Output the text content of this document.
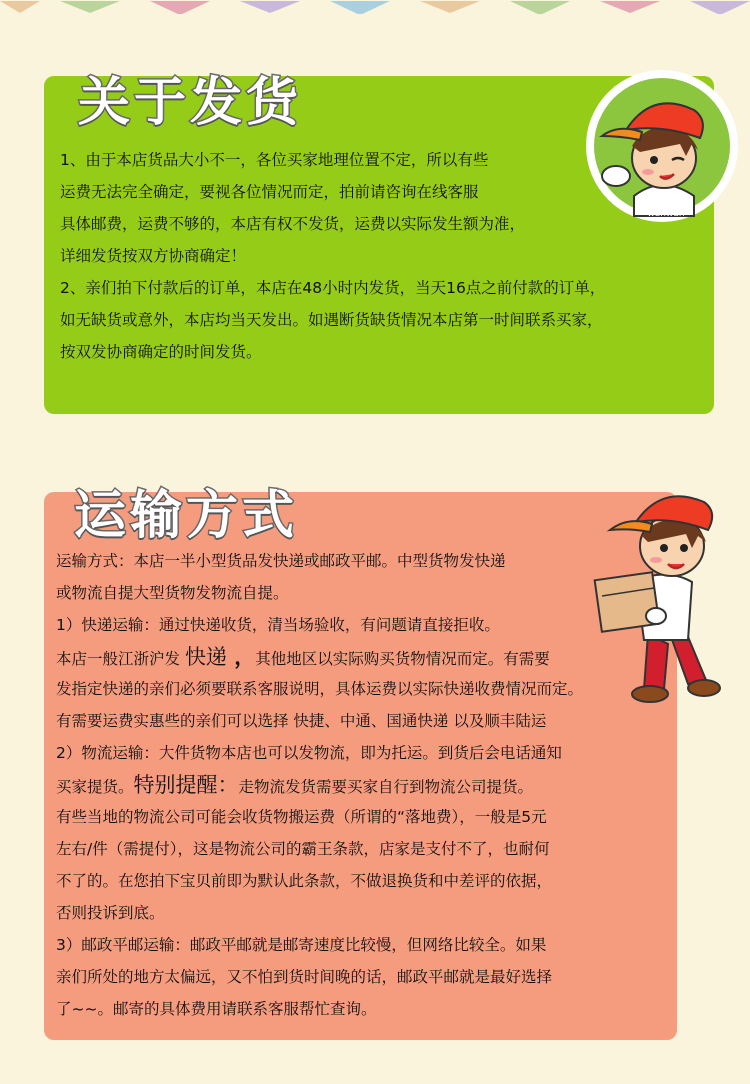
关于发货
1、由于本店货品大小不一，各位买家地理位置不定，所以有些
运费无法完全确定，要视各位情况而定，拍前请咨询在线客服
具体邮费，运费不够的，本店有权不发货，运费以实际发生额为准，
详细发货按双方协商确定！
2、亲们拍下付款后的订单，本店在48小时内发货，当天16点之前付款的订单，
如无缺货或意外，本店均当天发出。如遇断货缺货情况本店第一时间联系买家，
按双发协商确定的时间发货。
wanwan
运输方式
运输方式：本店一半小型货品发快递或邮政平邮。中型货物发快递
或物流自提大型货物发物流自提。
1）快递运输：通过快递收货，清当场验收，有问题请直接拒收。
本店一般江浙沪发 快递 ，其他地区以实际购买货物情况而定。有需要
发指定快递的亲们必须要联系客服说明，具体运费以实际快递收费情况而定。
有需要运费实惠些的亲们可以选择 快捷、中通、国通快递 以及顺丰陆运
2）物流运输：大件货物本店也可以发物流，即为托运。到货后会电话通知
买家提货。特别提醒：走物流发货需要买家自行到物流公司提货。
有些当地的物流公司可能会收货物搬运费（所谓的“落地费），一般是5元
左右/件（需提付），这是物流公司的霸王条款，店家是支付不了，也耐何
不了的。在您拍下宝贝前即为默认此条款，不做退换货和中差评的依据，
否则投诉到底。
3）邮政平邮运输：邮政平邮就是邮寄速度比较慢，但网络比较全。如果
亲们所处的地方太偏远，又不怕到货时间晚的话，邮政平邮就是最好选择
了~~。邮寄的具体费用请联系客服帮忙查询。
